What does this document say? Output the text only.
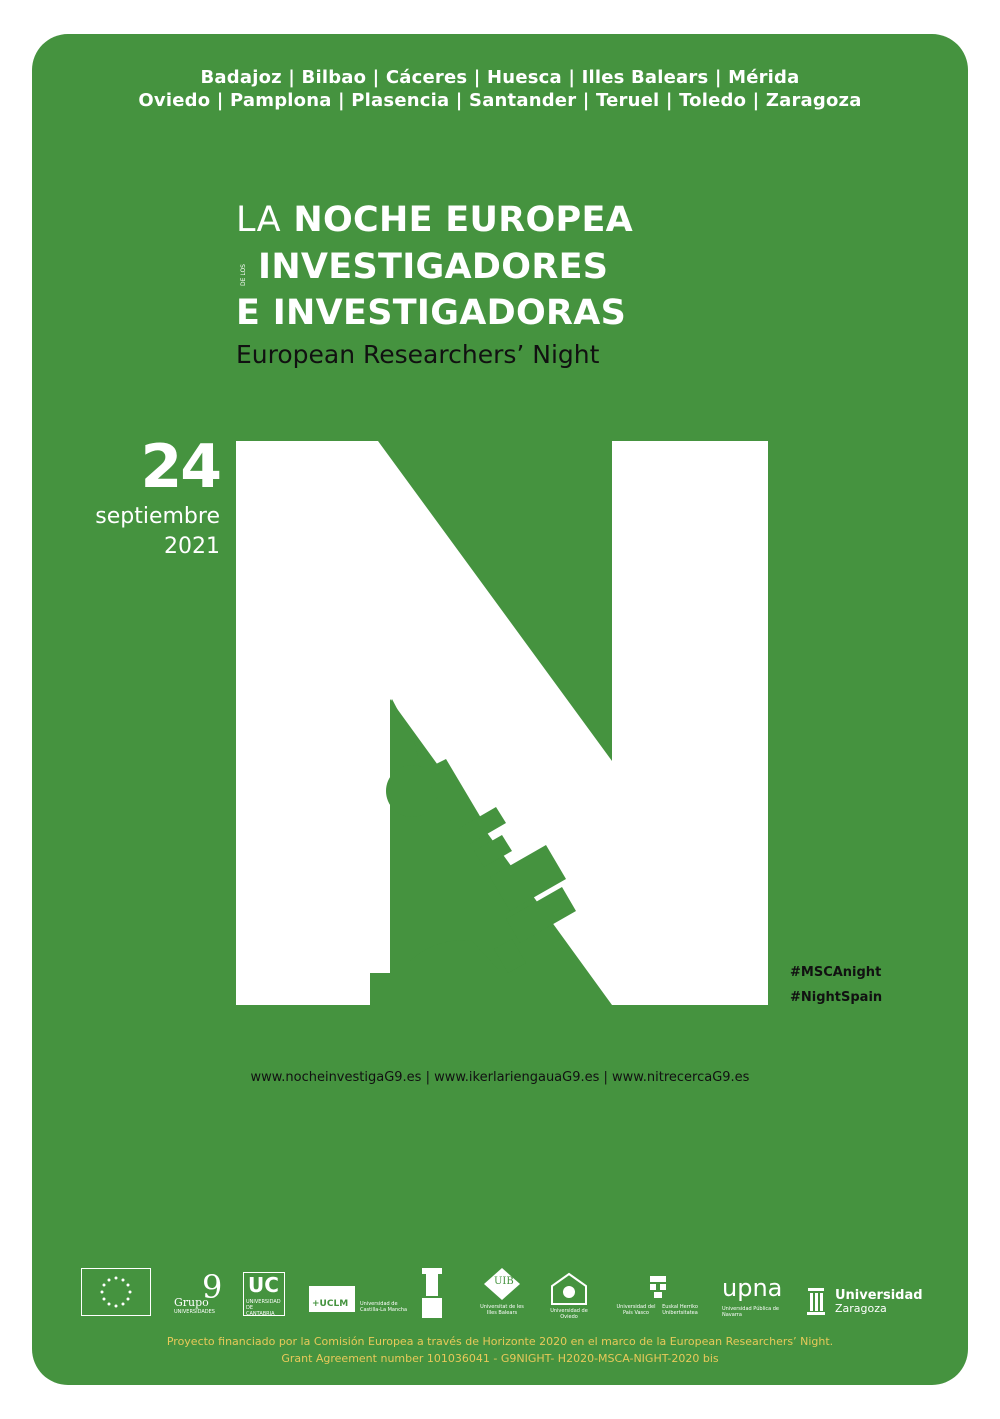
Badajoz | Bilbao | Cáceres | Huesca | Illes Balears | Mérida
Oviedo | Pamplona | Plasencia | Santander | Teruel | Toledo | Zaragoza
LA NOCHE EUROPEA
DE LOS INVESTIGADORES
E INVESTIGADORAS
European Researchers’ Night
24
septiembre
2021
#MSCAnight
#NightSpain
www.nocheinvestigaG9.es | www.ikerlariengauaG9.es | www.nitrecercaG9.es
9
Grupo
UNIVERSIDADES
UC
UNIVERSIDAD DE CANTABRIA
+UCLM Universidad de Castilla-La Mancha
UIB
Universitat de les Illes Balears	Universidad de Oviedo
Universidad del País Vasco
Euskal Herriko Unibertsitatea
upna
Universidad Pública de Navarra
Universidad
Zaragoza
Proyecto financiado por la Comisión Europea a través de Horizonte 2020 en el marco de la European Researchers’ Night.
Grant Agreement number 101036041 - G9NIGHT- H2020-MSCA-NIGHT-2020 bis
